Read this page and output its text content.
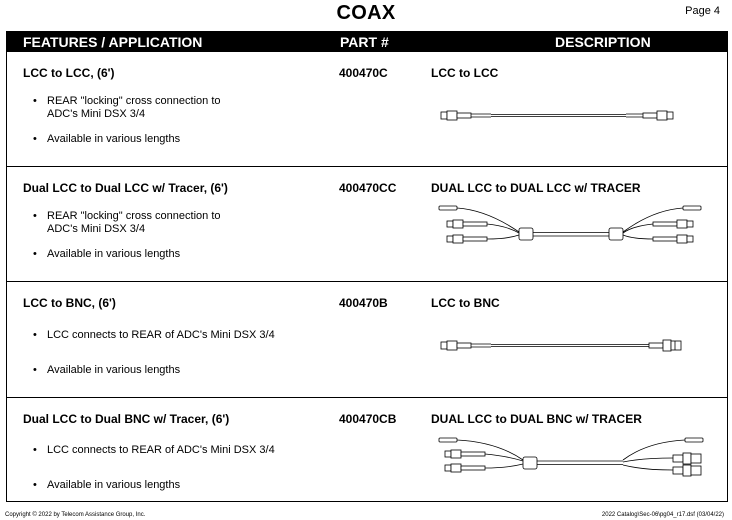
COAX	Page 4
FEATURES / APPLICATION	PART #	DESCRIPTION
LCC to LCC, (6')	400470C	LCC to LCC
• REAR "locking" cross connection to
ADC's Mini DSX 3/4
• Available in various lengths
Dual LCC to Dual LCC w/ Tracer, (6')	400470CC	DUAL LCC to DUAL LCC w/ TRACER
• REAR "locking" cross connection to
ADC's Mini DSX 3/4
• Available in various lengths
LCC to BNC, (6')	400470B	LCC to BNC
• LCC connects to REAR of ADC's Mini DSX 3/4
• Available in various lengths
Dual LCC to Dual BNC w/ Tracer, (6')	400470CB	DUAL LCC to DUAL BNC w/ TRACER
• LCC connects to REAR of ADC's Mini DSX 3/4
• Available in various lengths
Copyright © 2022 by Telecom Assistance Group, Inc.	2022 Catalog\Sec-06\pg04_r17.dsf (03/04/22)
